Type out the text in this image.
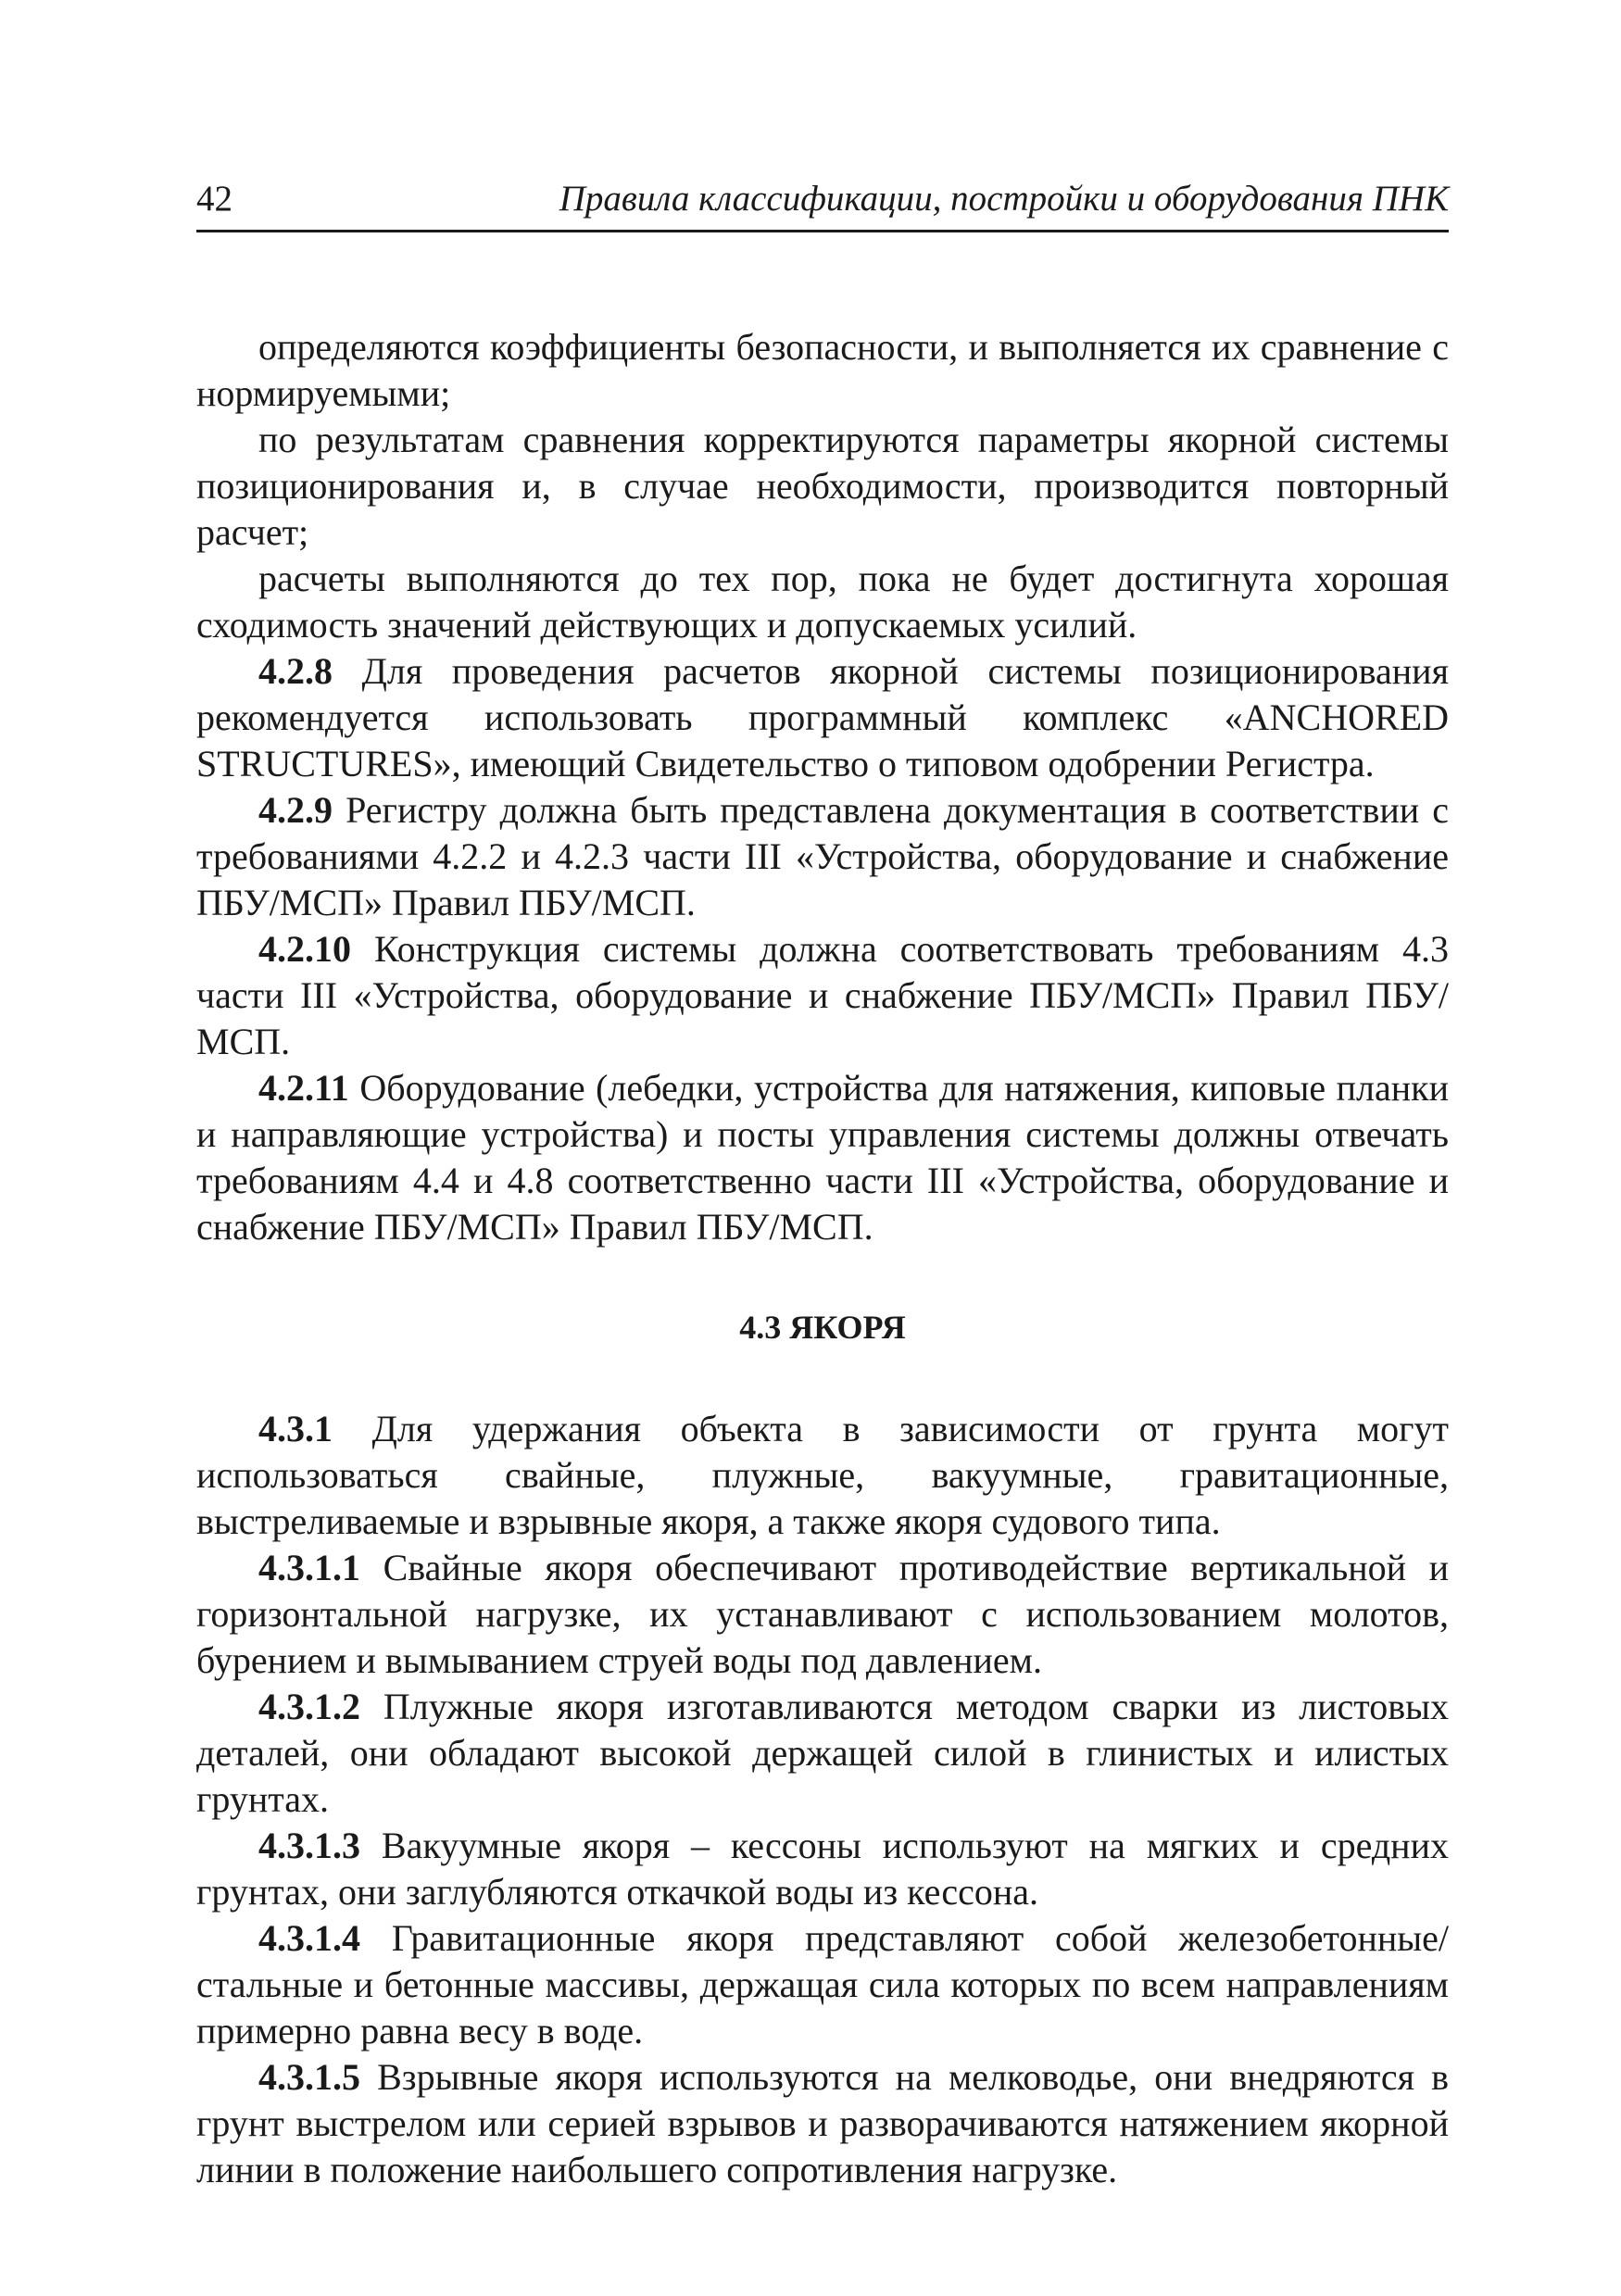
42	Правила классификации, постройки и оборудования ПНК

определяются коэффициенты безопасности, и выполняется их сравнение с нормируемыми;

по результатам сравнения корректируются параметры якорной системы позиционирования и, в случае необходимости, производится повторный расчет;

расчеты выполняются до тех пор, пока не будет достигнута хорошая сходимость значений действующих и допускаемых усилий.

4.2.8 Для проведения расчетов якорной системы позиционирования рекомендуется использовать программный комплекс «ANCHORED STRUCTURES», имеющий Свидетельство о типовом одобрении Регистра.

4.2.9 Регистру должна быть представлена документация в соответствии с требованиями 4.2.2 и 4.2.3 части III «Устройства, оборудование и снабжение ПБУ/МСП» Правил ПБУ/МСП.

4.2.10 Конструкция системы должна соответствовать требованиям 4.3 части III «Устройства, оборудование и снабжение ПБУ/МСП» Правил ПБУ/МСП.

4.2.11 Оборудование (лебедки, устройства для натяжения, киповые планки и направляющие устройства) и посты управления системы должны отвечать требованиям 4.4 и 4.8 соответственно части III «Устройства, оборудование и снабжение ПБУ/МСП» Правил ПБУ/МСП.

4.3 ЯКОРЯ

4.3.1 Для удержания объекта в зависимости от грунта могут использоваться свайные, плужные, вакуумные, гравитационные, выстреливаемые и взрывные якоря, а также якоря судового типа.

4.3.1.1 Свайные якоря обеспечивают противодействие вертикальной и горизонтальной нагрузке, их устанавливают с использованием молотов, бурением и вымыванием струей воды под давлением.

4.3.1.2 Плужные якоря изготавливаются методом сварки из листовых деталей, они обладают высокой держащей силой в глинистых и илистых грунтах.

4.3.1.3 Вакуумные якоря – кессоны используют на мягких и средних грунтах, они заглубляются откачкой воды из кессона.

4.3.1.4 Гравитационные якоря представляют собой железобетонные/стальные и бетонные массивы, держащая сила которых по всем направлениям примерно равна весу в воде.

4.3.1.5 Взрывные якоря используются на мелководье, они внедряются в грунт выстрелом или серией взрывов и разворачиваются натяжением якорной линии в положение наибольшего сопротивления нагрузке.
